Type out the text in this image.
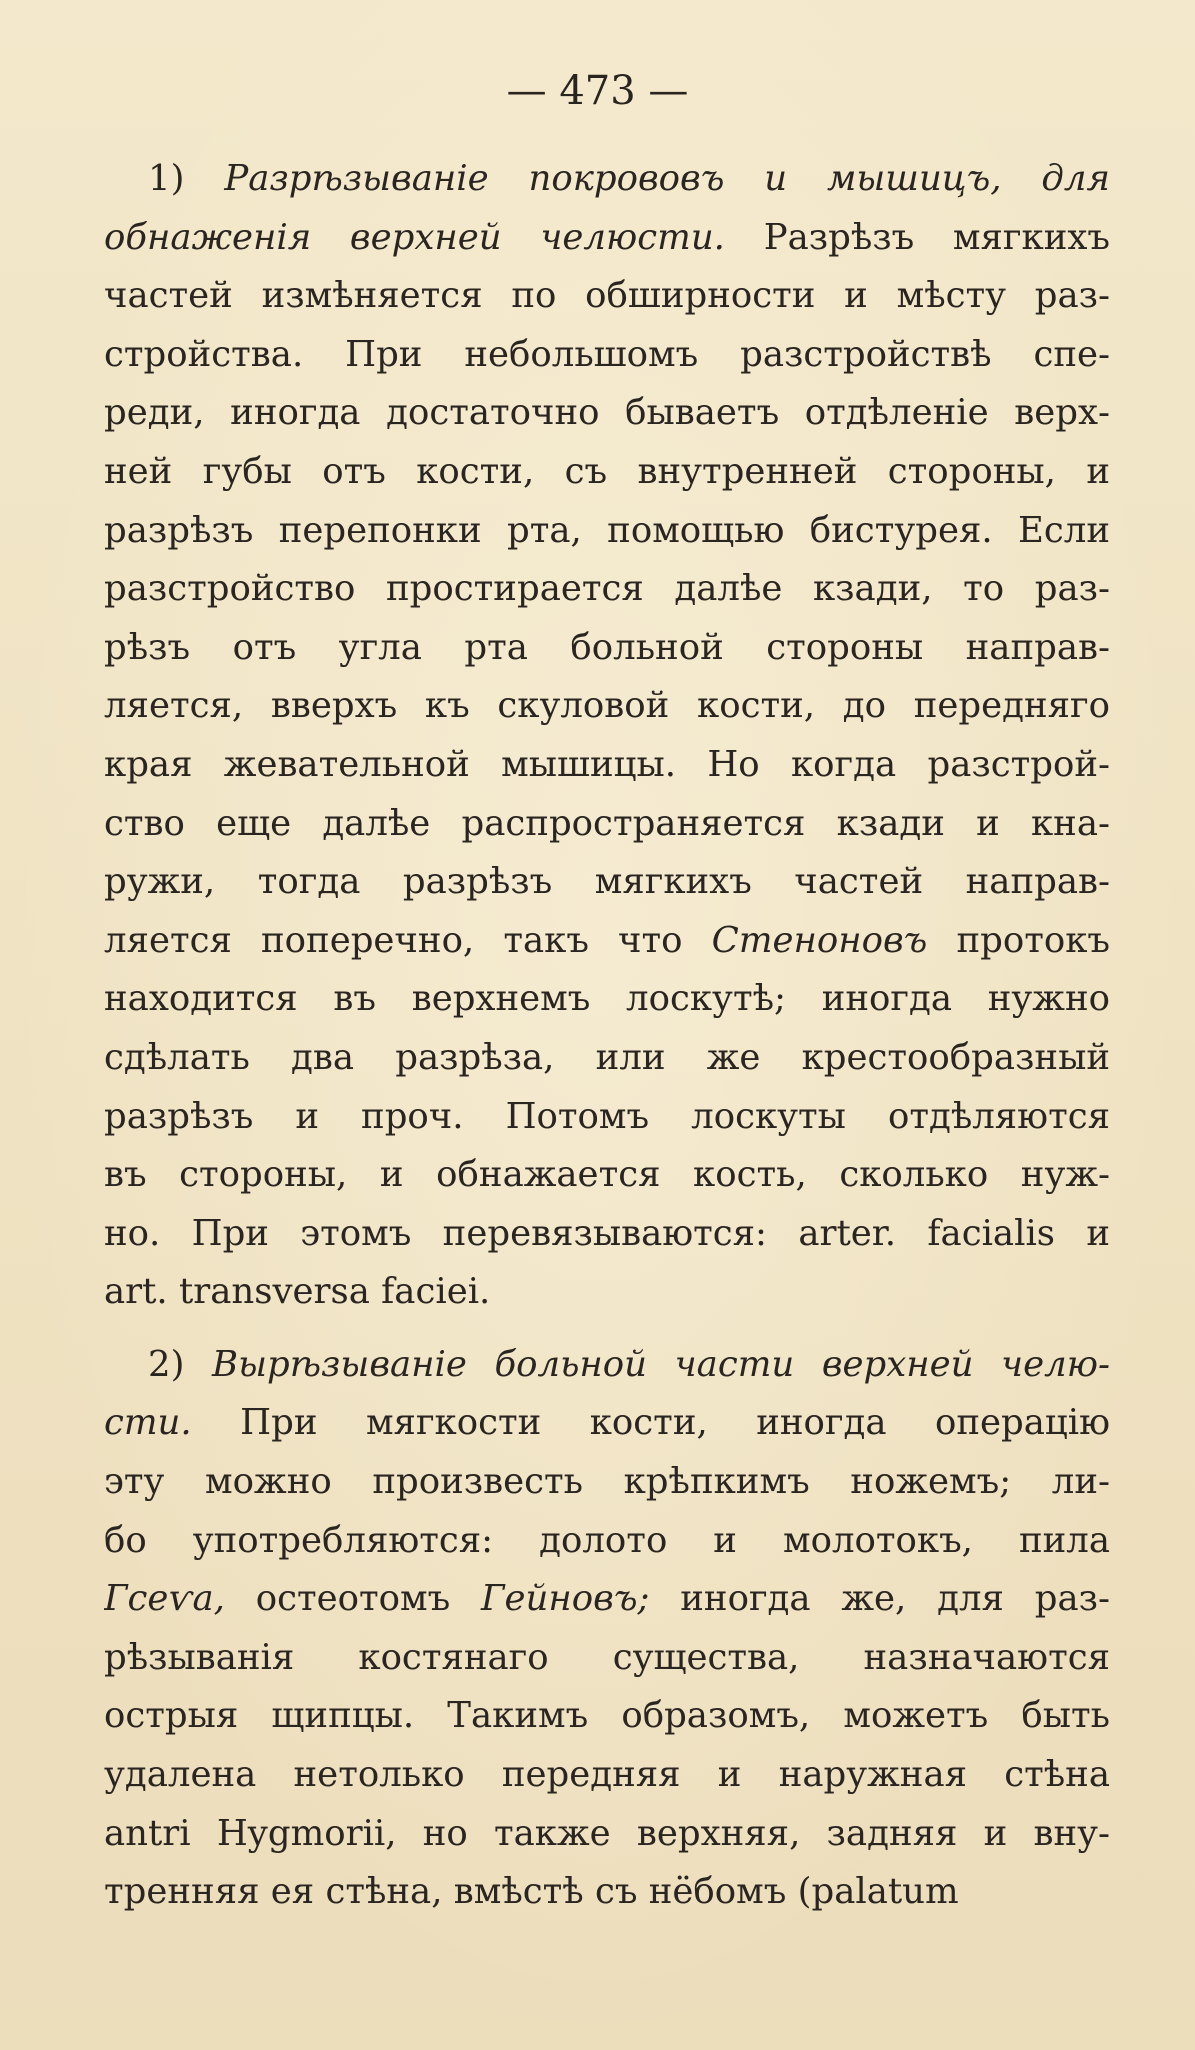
— 473 —
1) Разрѣзываніе покрововъ и мышицъ, для
обнаженія верхней челюсти. Разрѣзъ мягкихъ
частей измѣняется по обширности и мѣсту раз-
стройства. При небольшомъ разстройствѣ спе-
реди, иногда достаточно бываетъ отдѣленіе верх-
ней губы отъ кости, съ внутренней стороны, и
разрѣзъ перепонки рта, помощью бистурея. Если
разстройство простирается далѣе кзади, то раз-
рѣзъ отъ угла рта больной стороны направ-
ляется, вверхъ къ скуловой кости, до передняго
края жевательной мышицы. Но когда разстрой-
ство еще далѣе распространяется кзади и кна-
ружи, тогда разрѣзъ мягкихъ частей направ-
ляется поперечно, такъ что Стеноновъ протокъ
находится въ верхнемъ лоскутѣ; иногда нужно
сдѣлать два разрѣза, или же крестообразный
разрѣзъ и проч. Потомъ лоскуты отдѣляются
въ стороны, и обнажается кость, сколько нуж-
но. При этомъ перевязываются: arter. facialis и
art. transversa faciei.
2) Вырѣзываніе больной части верхней челю-
сти. При мягкости кости, иногда операцію
эту можно произвесть крѣпкимъ ножемъ; ли-
бо употребляются: долото и молотокъ, пила
Гсеѵа, остеотомъ Гейновъ; иногда же, для раз-
рѣзыванія костянаго существа, назначаются
острыя щипцы. Такимъ образомъ, можетъ быть
удалена нетолько передняя и наружная стѣна
antri Hygmorii, но также верхняя, задняя и вну-
тренняя ея стѣна, вмѣстѣ съ нёбомъ (palatum
